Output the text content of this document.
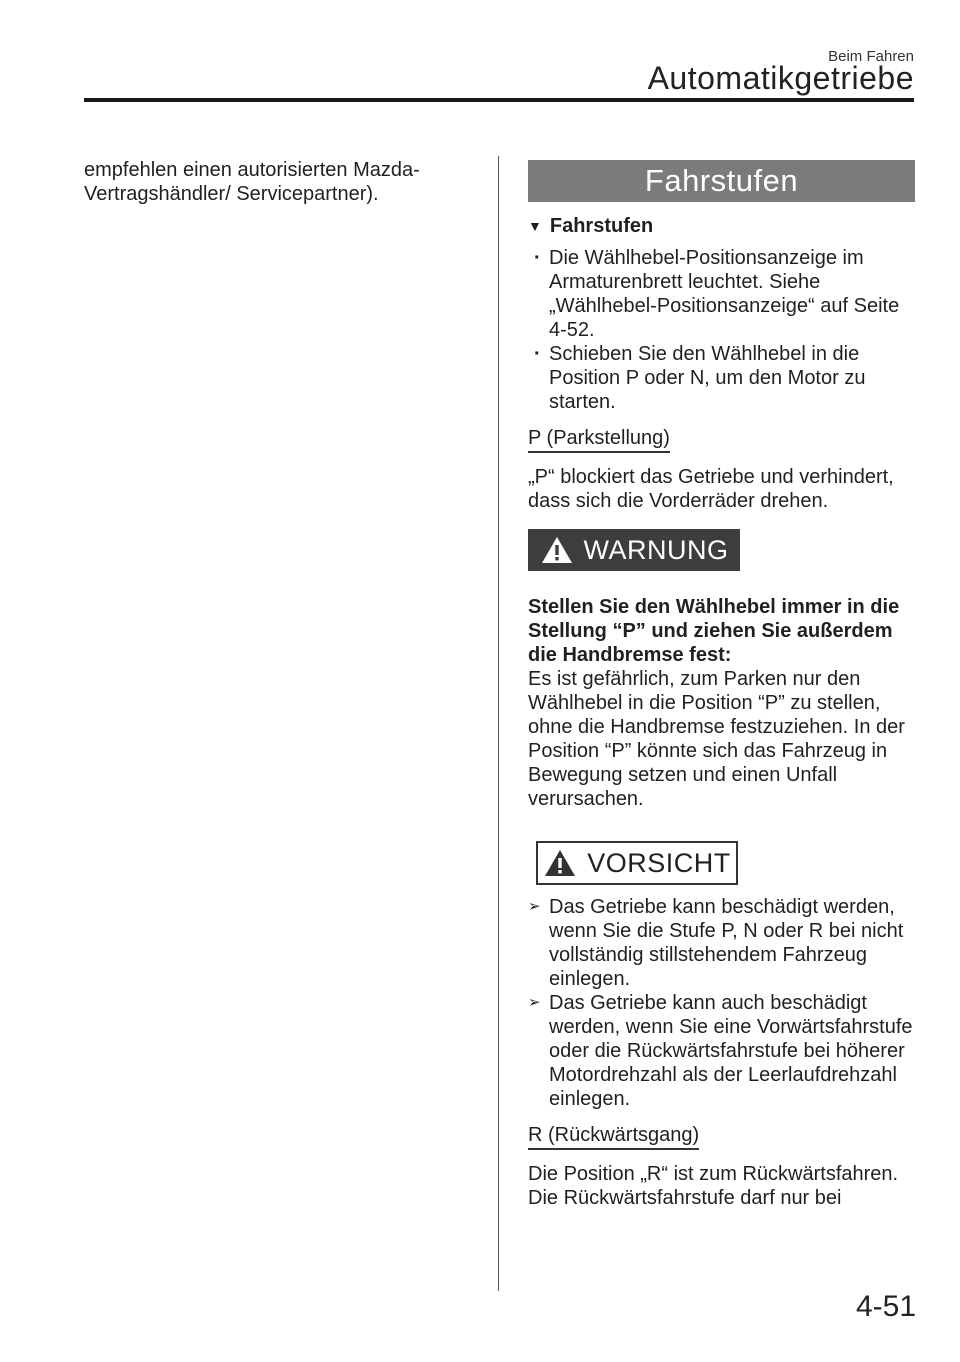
Beim Fahren
Automatikgetriebe
empfehlen einen autorisierten Mazda-Vertragshändler/ Servicepartner).	Fahrstufen
▼ Fahrstufen
· Die Wählhebel-Positionsanzeige im Armaturenbrett leuchtet. Siehe „Wählhebel-Positionsanzeige“ auf Seite 4-52.
· Schieben Sie den Wählhebel in die Position P oder N, um den Motor zu starten.
P (Parkstellung)
„P“ blockiert das Getriebe und verhindert, dass sich die Vorderräder drehen.
WARNUNG
Stellen Sie den Wählhebel immer in die Stellung “P” und ziehen Sie außerdem die Handbremse fest:
Es ist gefährlich, zum Parken nur den Wählhebel in die Position “P” zu stellen, ohne die Handbremse festzuziehen. In der Position “P” könnte sich das Fahrzeug in Bewegung setzen und einen Unfall verursachen.
VORSICHT
➢ Das Getriebe kann beschädigt werden, wenn Sie die Stufe P, N oder R bei nicht vollständig stillstehendem Fahrzeug einlegen.
➢ Das Getriebe kann auch beschädigt werden, wenn Sie eine Vorwärtsfahrstufe oder die Rückwärtsfahrstufe bei höherer Motordrehzahl als der Leerlaufdrehzahl einlegen.
R (Rückwärtsgang)
Die Position „R“ ist zum Rückwärtsfahren. Die Rückwärtsfahrstufe darf nur bei
4-51
